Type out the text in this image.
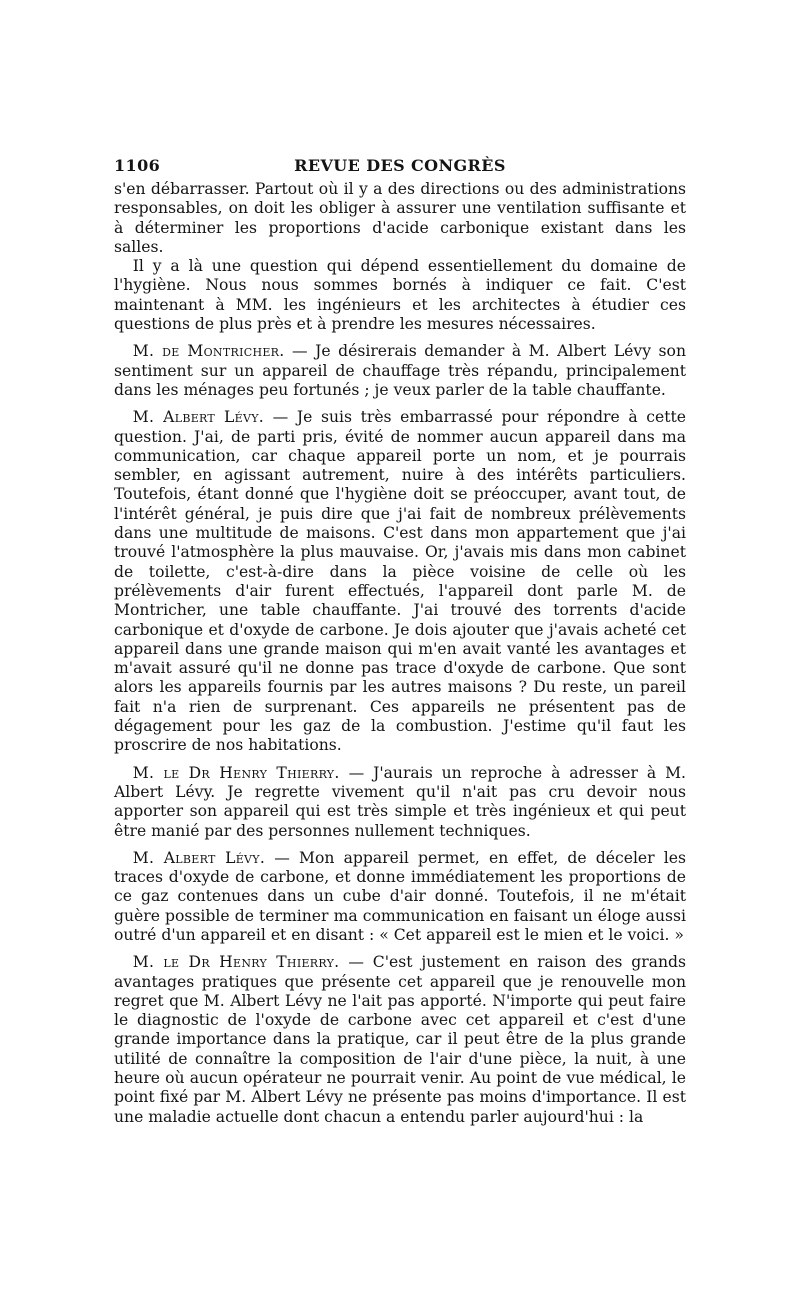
1106	REVUE DES CONGRÈS

s'en débarrasser. Partout où il y a des directions ou des administrations responsables, on doit les obliger à assurer une ventilation suffisante et à déterminer les proportions d'acide carbonique existant dans les salles.

Il y a là une question qui dépend essentiellement du domaine de l'hygiène. Nous nous sommes bornés à indiquer ce fait. C'est maintenant à MM. les ingénieurs et les architectes à étudier ces questions de plus près et à prendre les mesures nécessaires.

M. de Montricher. — Je désirerais demander à M. Albert Lévy son sentiment sur un appareil de chauffage très répandu, principalement dans les ménages peu fortunés ; je veux parler de la table chauffante.

M. Albert Lévy. — Je suis très embarrassé pour répondre à cette question. J'ai, de parti pris, évité de nommer aucun appareil dans ma communication, car chaque appareil porte un nom, et je pourrais sembler, en agissant autrement, nuire à des intérêts particuliers. Toutefois, étant donné que l'hygiène doit se préoccuper, avant tout, de l'intérêt général, je puis dire que j'ai fait de nombreux prélèvements dans une multitude de maisons. C'est dans mon appartement que j'ai trouvé l'atmosphère la plus mauvaise. Or, j'avais mis dans mon cabinet de toilette, c'est-à-dire dans la pièce voisine de celle où les prélèvements d'air furent effectués, l'appareil dont parle M. de Montricher, une table chauffante. J'ai trouvé des torrents d'acide carbonique et d'oxyde de carbone. Je dois ajouter que j'avais acheté cet appareil dans une grande maison qui m'en avait vanté les avantages et m'avait assuré qu'il ne donne pas trace d'oxyde de carbone. Que sont alors les appareils fournis par les autres maisons ? Du reste, un pareil fait n'a rien de surprenant. Ces appareils ne présentent pas de dégagement pour les gaz de la combustion. J'estime qu'il faut les proscrire de nos habitations.

M. le Dr Henry Thierry. — J'aurais un reproche à adresser à M. Albert Lévy. Je regrette vivement qu'il n'ait pas cru devoir nous apporter son appareil qui est très simple et très ingénieux et qui peut être manié par des personnes nullement techniques.

M. Albert Lévy. — Mon appareil permet, en effet, de déceler les traces d'oxyde de carbone, et donne immédiatement les proportions de ce gaz contenues dans un cube d'air donné. Toutefois, il ne m'était guère possible de terminer ma communication en faisant un éloge aussi outré d'un appareil et en disant : « Cet appareil est le mien et le voici. »

M. le Dr Henry Thierry. — C'est justement en raison des grands avantages pratiques que présente cet appareil que je renouvelle mon regret que M. Albert Lévy ne l'ait pas apporté. N'importe qui peut faire le diagnostic de l'oxyde de carbone avec cet appareil et c'est d'une grande importance dans la pratique, car il peut être de la plus grande utilité de connaître la composition de l'air d'une pièce, la nuit, à une heure où aucun opérateur ne pourrait venir. Au point de vue médical, le point fixé par M. Albert Lévy ne présente pas moins d'importance. Il est une maladie actuelle dont chacun a entendu parler aujourd'hui : la
